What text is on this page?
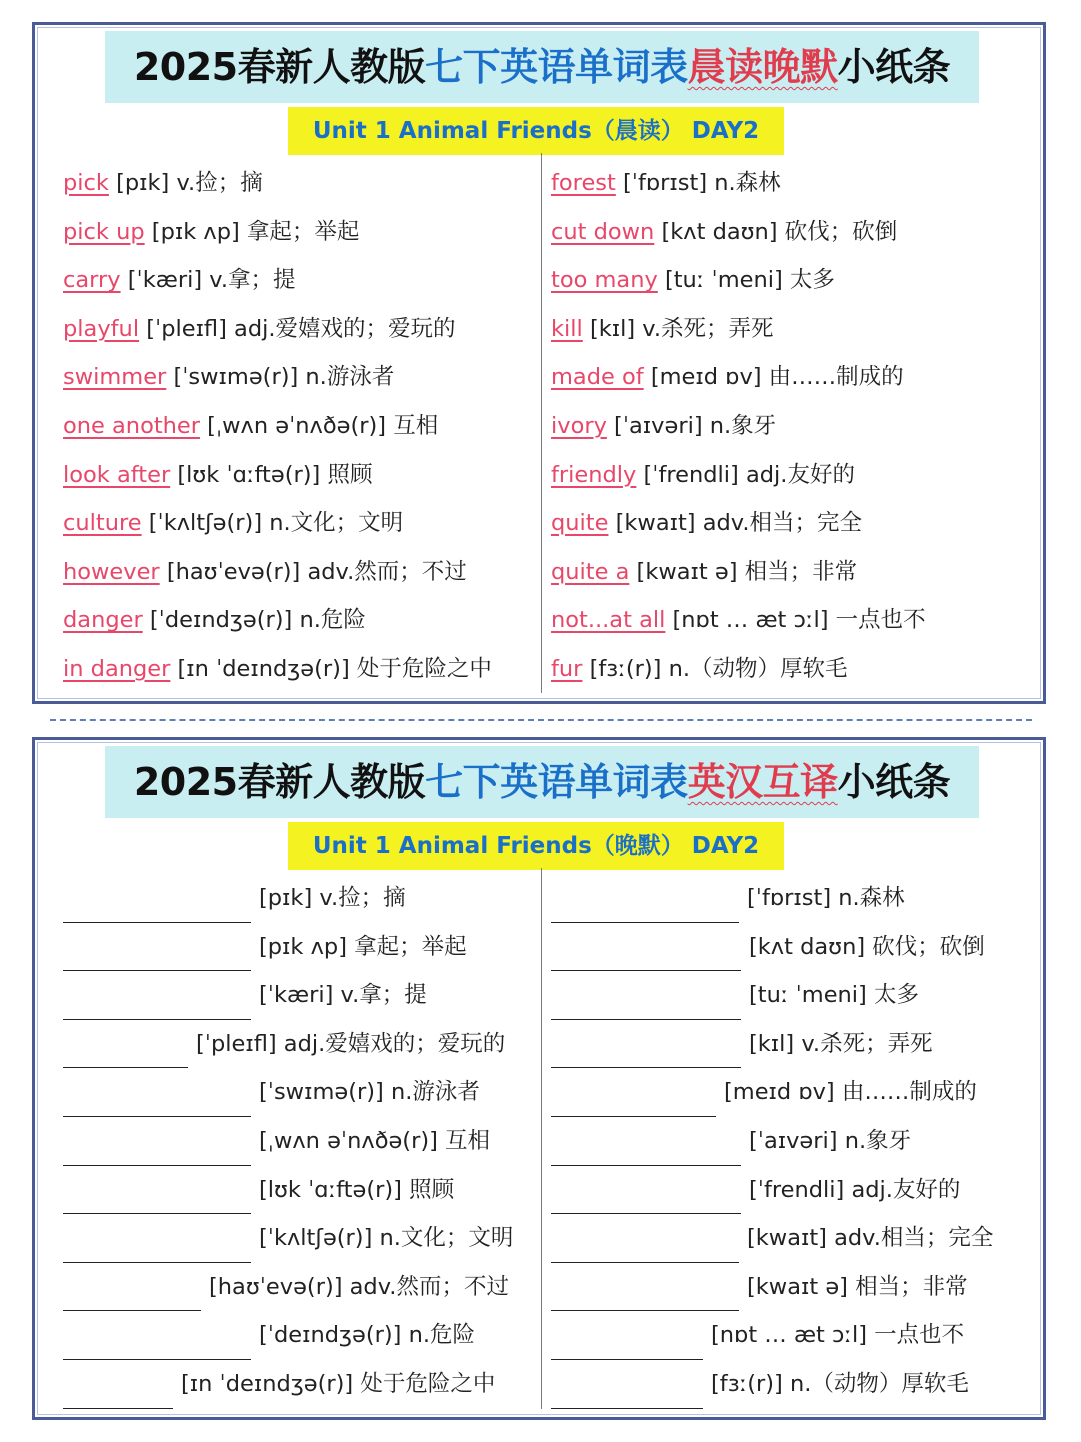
2025春新人教版七下英语单词表晨读晚默小纸条
Unit 1 Animal Friends（晨读） DAY2
pick [pɪk] v.捡；摘
pick up [pɪk ʌp] 拿起；举起
carry [ˈkæri] v.拿；提
playful [ˈpleɪfl] adj.爱嬉戏的；爱玩的
swimmer [ˈswɪmə(r)] n.游泳者
one another [ˌwʌn əˈnʌðə(r)] 互相
look after [lʊk ˈɑːftə(r)] 照顾
culture [ˈkʌltʃə(r)] n.文化；文明
however [haʊˈevə(r)] adv.然而；不过
danger [ˈdeɪndʒə(r)] n.危险
in danger [ɪn ˈdeɪndʒə(r)] 处于危险之中
forest [ˈfɒrɪst] n.森林
cut down [kʌt daʊn] 砍伐；砍倒
too many [tuː ˈmeni] 太多
kill [kɪl] v.杀死；弄死
made of [meɪd ɒv] 由……制成的
ivory [ˈaɪvəri] n.象牙
friendly [ˈfrendli] adj.友好的
quite [kwaɪt] adv.相当；完全
quite a [kwaɪt ə] 相当；非常
not...at all [nɒt … æt ɔːl] 一点也不
fur [fɜː(r)] n.（动物）厚软毛
2025春新人教版七下英语单词表英汉互译小纸条
Unit 1 Animal Friends（晚默） DAY2
[pɪk] v.捡；摘
[pɪk ʌp] 拿起；举起
[ˈkæri] v.拿；提
[ˈpleɪfl] adj.爱嬉戏的；爱玩的
[ˈswɪmə(r)] n.游泳者
[ˌwʌn əˈnʌðə(r)] 互相
[lʊk ˈɑːftə(r)] 照顾
[ˈkʌltʃə(r)] n.文化；文明
[haʊˈevə(r)] adv.然而；不过
[ˈdeɪndʒə(r)] n.危险
[ɪn ˈdeɪndʒə(r)] 处于危险之中
[ˈfɒrɪst] n.森林
[kʌt daʊn] 砍伐；砍倒
[tuː ˈmeni] 太多
[kɪl] v.杀死；弄死
[meɪd ɒv] 由……制成的
[ˈaɪvəri] n.象牙
[ˈfrendli] adj.友好的
[kwaɪt] adv.相当；完全
[kwaɪt ə] 相当；非常
[nɒt … æt ɔːl] 一点也不
[fɜː(r)] n.（动物）厚软毛
